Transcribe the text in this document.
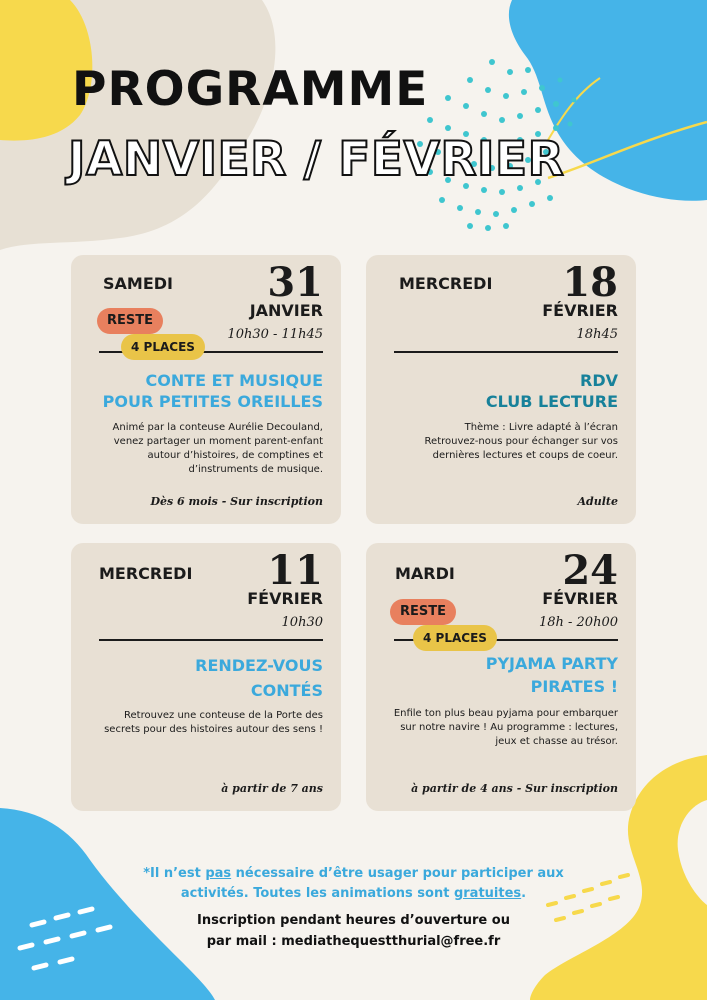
PROGRAMME
JANVIER / FÉVRIER
SAMEDI 31
JANVIER
10h30 - 11h45
RESTE
4 PLACES
CONTE ET MUSIQUE
POUR PETITES OREILLES
Animé par la conteuse Aurélie Decouland,
venez partager un moment parent-enfant
autour d’histoires, de comptines et
d’instruments de musique.
Dès 6 mois - Sur inscription
MERCREDI 18
FÉVRIER
18h45
RDV
CLUB LECTURE
Thème : Livre adapté à l’écran
Retrouvez-nous pour échanger sur vos
dernières lectures et coups de coeur.
Adulte
MERCREDI 11
FÉVRIER
10h30
RENDEZ-VOUS
CONTÉS
Retrouvez une conteuse de la Porte des
secrets pour des histoires autour des sens !
à partir de 7 ans
MARDI	24
FÉVRIER
18h - 20h00
RESTE
4 PLACES
PYJAMA PARTY
PIRATES !
Enfile ton plus beau pyjama pour embarquer
sur notre navire ! Au programme : lectures,
jeux et chasse au trésor.
à partir de 4 ans - Sur inscription
*Il n’est pas nécessaire d’être usager pour participer aux activités. Toutes les animations sont gratuites.
Inscription pendant heures d’ouverture ou
par mail : mediathequestthurial@free.fr
